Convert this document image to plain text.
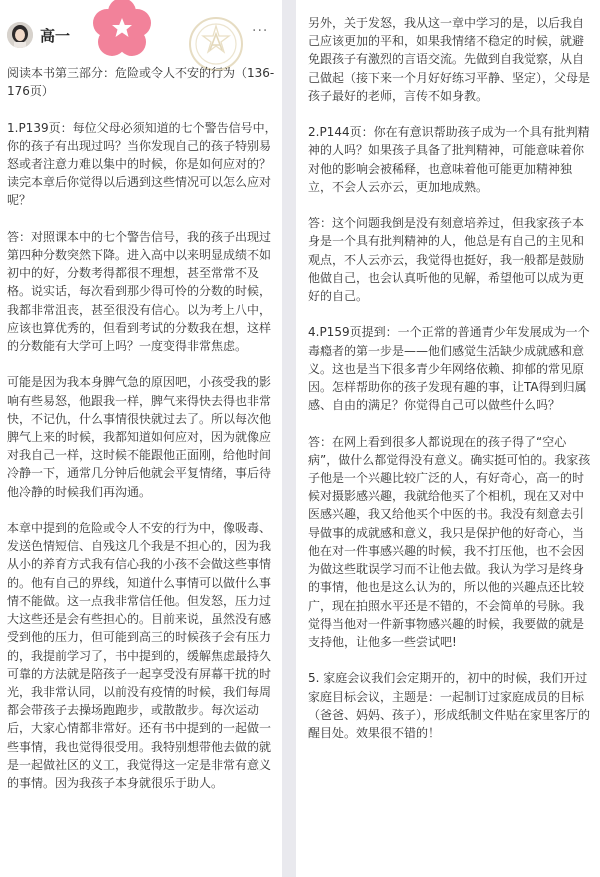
高一	···
阅读本书第三部分：危险或令人不安的行为（136-176页）

1.P139页：每位父母必须知道的七个警告信号中，你的孩子有出现过吗？当你发现自己的孩子特别易怒或者注意力难以集中的时候，你是如何应对的？读完本章后你觉得以后遇到这些情况可以怎么应对呢？

答：对照课本中的七个警告信号，我的孩子出现过第四种分数突然下降。进入高中以来明显成绩不如初中的好，分数考得都很不理想，甚至常常不及格。说实话，每次看到那少得可怜的分数的时候，我都非常沮丧，甚至很没有信心。以为考上八中，应该也算优秀的，但看到考试的分数我在想，这样的分数能有大学可上吗？一度变得非常焦虑。

可能是因为我本身脾气急的原因吧，小孩受我的影响有些易怒，他跟我一样，脾气来得快去得也非常快，不记仇，什么事情很快就过去了。所以每次他脾气上来的时候，我都知道如何应对，因为就像应对我自己一样，这时候不能跟他正面刚，给他时间冷静一下，通常几分钟后他就会平复情绪，事后待他冷静的时候我们再沟通。

本章中提到的危险或令人不安的行为中，像吸毒、发送色情短信、自残这几个我是不担心的，因为我从小的养育方式我有信心我的小孩不会做这些事情的。他有自己的界线，知道什么事情可以做什么事情不能做。这一点我非常信任他。但发怒，压力过大这些还是会有些担心的。目前来说，虽然没有感受到他的压力，但可能到高三的时候孩子会有压力的，我提前学习了，书中提到的，缓解焦虑最持久可靠的方法就是陪孩子一起享受没有屏幕干扰的时光，我非常认同，以前没有疫情的时候，我们每周都会带孩子去操场跑跑步，或散散步。每次运动后，大家心情都非常好。还有书中提到的一起做一些事情，我也觉得很受用。我特别想带他去做的就是一起做社区的义工，我觉得这一定是非常有意义的事情。因为我孩子本身就很乐于助人。
另外，关于发怒，我从这一章中学习的是，以后我自己应该更加的平和，如果我情绪不稳定的时候，就避免跟孩子有激烈的言语交流。先做到自我觉察，从自己做起（接下来一个月好好练习平静、坚定），父母是孩子最好的老师，言传不如身教。

2.P144页：你在有意识帮助孩子成为一个具有批判精神的人吗？如果孩子具备了批判精神，可能意味着你对他的影响会被稀释，也意味着他可能更加精神独立，不会人云亦云，更加地成熟。

答：这个问题我倒是没有刻意培养过，但我家孩子本身是一个具有批判精神的人，他总是有自己的主见和观点，不人云亦云，我觉得也挺好，我一般都是鼓励他做自己，也会认真听他的见解，希望他可以成为更好的自己。

4.P159页提到：一个正常的普通青少年发展成为一个毒瘾者的第一步是——他们感觉生活缺少成就感和意义。这也是当下很多青少年网络依赖、抑郁的常见原因。怎样帮助你的孩子发现有趣的事，让TA得到归属感、自由的满足？你觉得自己可以做些什么吗？

答：在网上看到很多人都说现在的孩子得了“空心病”，做什么都觉得没有意义。确实挺可怕的。我家孩子他是一个兴趣比较广泛的人，有好奇心，高一的时候对摄影感兴趣，我就给他买了个相机，现在又对中医感兴趣，我又给他买个中医的书。我没有刻意去引导做事的成就感和意义，我只是保护他的好奇心，当他在对一件事感兴趣的时候，我不打压他，也不会因为做这些耽误学习而不让他去做。我认为学习是终身的事情，他也是这么认为的，所以他的兴趣点还比较广，现在拍照水平还是不错的，不会简单的号脉。我觉得当他对一件新事物感兴趣的时候，我要做的就是支持他，让他多一些尝试吧!

5. 家庭会议我们会定期开的，初中的时候，我们开过家庭目标会议，主题是：一起制订过家庭成员的目标（爸爸、妈妈、孩子），形成纸制文件贴在家里客厅的醒目处。效果很不错的！
